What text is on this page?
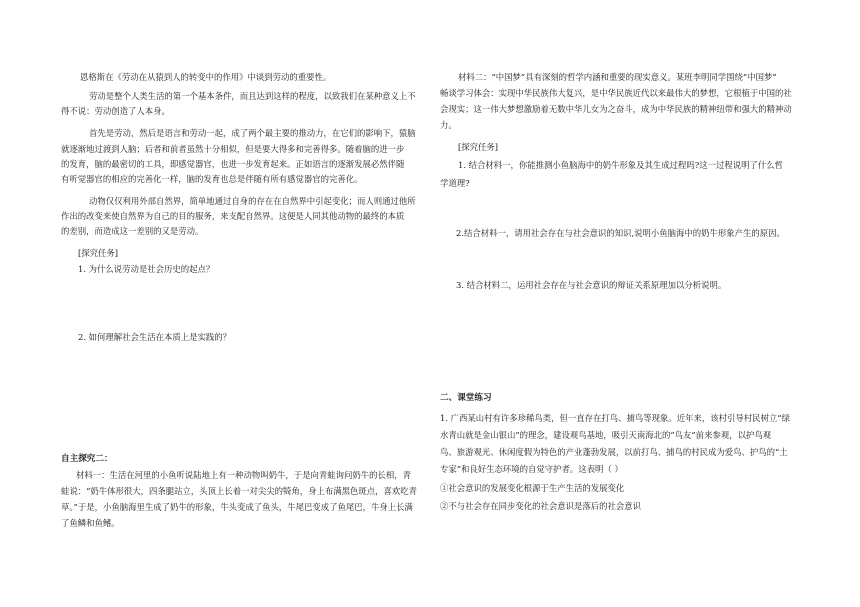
恩格斯在《劳动在从猿到人的转变中的作用》中谈到劳动的重要性。
劳动是整个人类生活的第一个基本条件，而且达到这样的程度，以致我们在某种意义上不
得不说：劳动创造了人本身。
首先是劳动，然后是语言和劳动一起，成了两个最主要的推动力，在它们的影响下，猿脑
就逐渐地过渡到人脑；后者和前者虽然十分相似，但是要大得多和完善得多。随着脑的进一步
的发育，脑的最密切的工具，即感觉器官，也进一步发育起来。正如语言的逐渐发展必然伴随
有听觉器官的相应的完善化一样，脑的发育也总是伴随有所有感觉器官的完善化。
动物仅仅利用外部自然界，简单地通过自身的存在在自然界中引起变化；而人则通过他所
作出的改变来使自然界为自己的目的服务，来支配自然界。这便是人同其他动物的最终的本质
的差别，而造成这一差别的又是劳动。
[探究任务]
1. 为什么说劳动是社会历史的起点？
2. 如何理解社会生活在本质上是实践的？
自主探究二：
材料一：生活在河里的小鱼听说陆地上有一种动物叫奶牛，于是向青蛙询问奶牛的长相，青
蛙说：“奶牛体形很大，四条腿站立，头顶上长着一对尖尖的犄角，身上布满黑色斑点，喜欢吃青
草。”于是，小鱼脑海里生成了奶牛的形象，牛头变成了鱼头，牛尾巴变成了鱼尾巴，牛身上长满
了鱼鳞和鱼鳍。
材料二：“中国梦”具有深刻的哲学内涵和重要的现实意义。某班李明同学围绕“中国梦”
畅谈学习体会：实现中华民族伟大复兴，是中华民族近代以来最伟大的梦想，它根植于中国的社
会现实；这一伟大梦想激励着无数中华儿女为之奋斗，成为中华民族的精神纽带和强大的精神动
力。
[探究任务]
1. 结合材料一，你能推测小鱼脑海中的奶牛形象及其生成过程吗?这一过程说明了什么哲
学道理?
2.结合材料一，请用社会存在与社会意识的知识,说明小鱼脑海中的奶牛形象产生的原因。
3. 结合材料二，运用社会存在与社会意识的辩证关系原理加以分析说明。
二、课堂练习
1. 广西某山村有许多珍稀鸟类，但一直存在打鸟、捕鸟等现象。近年来，该村引导村民树立“绿
水青山就是金山银山”的理念，建设观鸟基地，吸引天南海北的“鸟友”前来参观，以护鸟观
鸟、旅游观光、休闲度假为特色的产业蓬勃发展，以前打鸟、捕鸟的村民成为爱鸟、护鸟的“土
专家”和良好生态环境的自觉守护者。这表明（ ）
①社会意识的发展变化根源于生产生活的发展变化
②不与社会存在同步变化的社会意识是落后的社会意识
